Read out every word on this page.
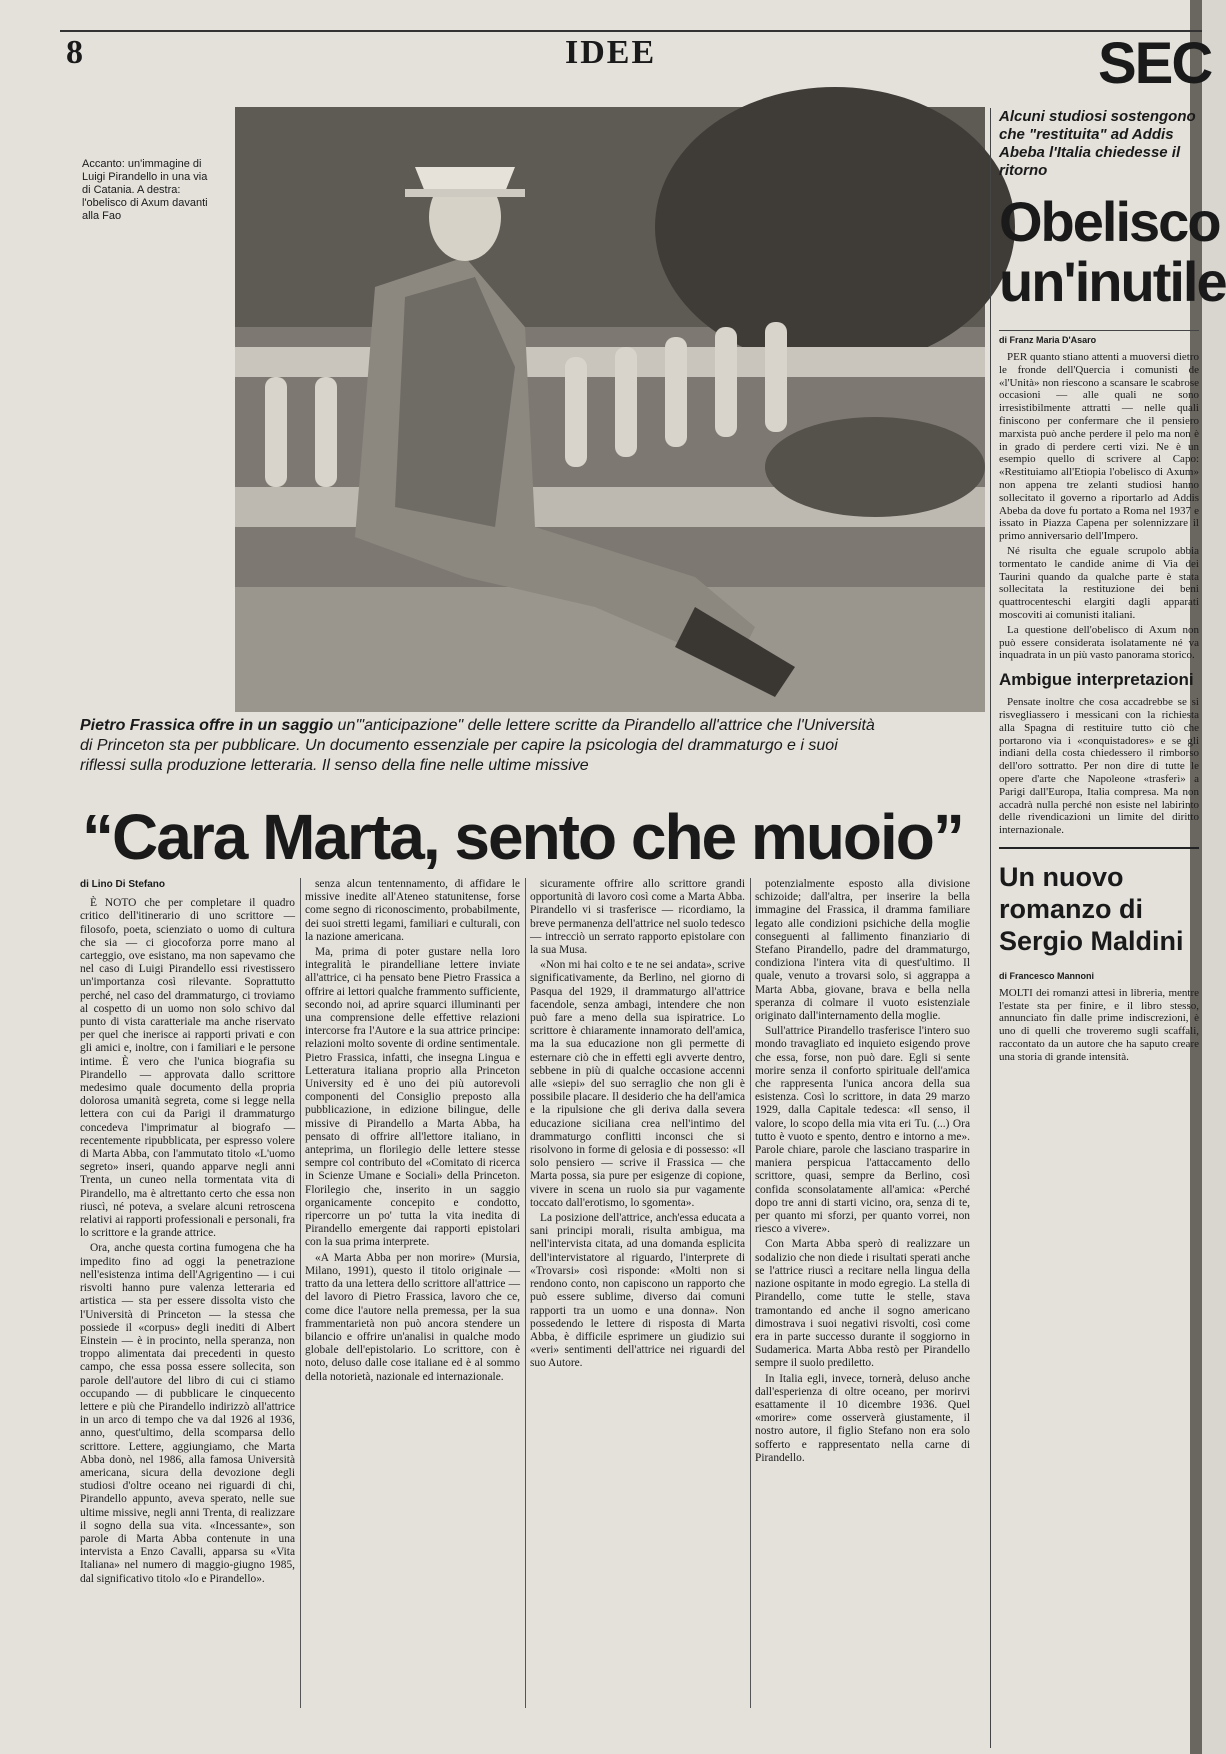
8	IDEE	SEC
Accanto: un'immagine di Luigi Pirandello in una via di Catania. A destra: l'obelisco di Axum davanti alla Fao
Pietro Frassica offre in un saggio un'"anticipazione" delle lettere scritte da Pirandello all'attrice che l'Università di Princeton sta per pubblicare. Un documento essenziale per capire la psicologia del drammaturgo e i suoi riflessi sulla produzione letteraria. Il senso della fine nelle ultime missive
“Cara Marta, sento che muoio”
di Lino Di Stefano

È NOTO che per completare il quadro critico dell'itinerario di uno scrittore — filosofo, poeta, scienziato o uomo di cultura che sia — ci giocoforza porre mano al carteggio, ove esistano, ma non sapevamo che nel caso di Luigi Pirandello essi rivestissero un'importanza così rilevante. Soprattutto perché, nel caso del drammaturgo, ci troviamo al cospetto di un uomo non solo schivo dal punto di vista caratteriale ma anche riservato per quel che inerisce ai rapporti privati e con gli amici e, inoltre, con i familiari e le persone intime. È vero che l'unica biografia su Pirandello — approvata dallo scrittore medesimo quale documento della propria dolorosa umanità segreta, come si legge nella lettera con cui da Parigi il drammaturgo concedeva l'imprimatur al biografo — recentemente ripubblicata, per espresso volere di Marta Abba, con l'ammutato titolo «L'uomo segreto» inseri, quando apparve negli anni Trenta, un cuneo nella tormentata vita di Pirandello, ma è altrettanto certo che essa non riuscì, né poteva, a svelare alcuni retroscena relativi ai rapporti professionali e personali, fra lo scrittore e la grande attrice.

Ora, anche questa cortina fumogena che ha impedito fino ad oggi la penetrazione nell'esistenza intima dell'Agrigentino — i cui risvolti hanno pure valenza letteraria ed artistica — sta per essere dissolta visto che l'Università di Princeton — la stessa che possiede il «corpus» degli inediti di Albert Einstein — è in procinto, nella speranza, non troppo alimentata dai precedenti in questo campo, che essa possa essere sollecita, son parole dell'autore del libro di cui ci stiamo occupando — di pubblicare le cinquecento lettere e più che Pirandello indirizzò all'attrice in un arco di tempo che va dal 1926 al 1936, anno, quest'ultimo, della scomparsa dello scrittore. Lettere, aggiungiamo, che Marta Abba donò, nel 1986, alla famosa Università americana, sicura della devozione degli studiosi d'oltre oceano nei riguardi di chi, Pirandello appunto, aveva sperato, nelle sue ultime missive, negli anni Trenta, di realizzare il sogno della sua vita. «Incessante», son parole di Marta Abba contenute in una intervista a Enzo Cavalli, apparsa su «Vita Italiana» nel numero di maggio-giugno 1985, dal significativo titolo «Io e Pirandello».

senza alcun tentennamento, di affidare le missive inedite all'Ateneo statunitense, forse come segno di riconoscimento, probabilmente, dei suoi stretti legami, familiari e culturali, con la nazione americana.

Ma, prima di poter gustare nella loro integralità le pirandelliane lettere inviate all'attrice, ci ha pensato bene Pietro Frassica a offrire ai lettori qualche frammento sufficiente, secondo noi, ad aprire squarci illuminanti per una comprensione delle effettive relazioni intercorse fra l'Autore e la sua attrice principe: relazioni molto sovente di ordine sentimentale. Pietro Frassica, infatti, che insegna Lingua e Letteratura italiana proprio alla Princeton University ed è uno dei più autorevoli componenti del Consiglio preposto alla pubblicazione, in edizione bilingue, delle missive di Pirandello a Marta Abba, ha pensato di offrire all'lettore italiano, in anteprima, un florilegio delle lettere stesse sempre col contributo del «Comitato di ricerca in Scienze Umane e Sociali» della Princeton. Florilegio che, inserito in un saggio organicamente concepito e condotto, ripercorre un po' tutta la vita inedita di Pirandello emergente dai rapporti epistolari con la sua prima interprete.

«A Marta Abba per non morire» (Mursia, Milano, 1991), questo il titolo originale — tratto da una lettera dello scrittore all'attrice — del lavoro di Pietro Frassica, lavoro che ce, come dice l'autore nella premessa, per la sua frammentarietà non può ancora stendere un bilancio e offrire un'analisi in qualche modo globale dell'epistolario. Lo scrittore, con è noto, deluso dalle cose italiane ed è al sommo della notorietà, nazionale ed internazionale.

sicuramente offrire allo scrittore grandi opportunità di lavoro così come a Marta Abba. Pirandello vi si trasferisce — ricordiamo, la breve permanenza dell'attrice nel suolo tedesco — intrecciò un serrato rapporto epistolare con la sua Musa.

«Non mi hai colto e te ne sei andata», scrive significativamente, da Berlino, nel giorno di Pasqua del 1929, il drammaturgo all'attrice facendole, senza ambagi, intendere che non può fare a meno della sua ispiratrice. Lo scrittore è chiaramente innamorato dell'amica, ma la sua educazione non gli permette di esternare ciò che in effetti egli avverte dentro, sebbene in più di qualche occasione accenni alle «siepi» del suo serraglio che non gli è possibile placare. Il desiderio che ha dell'amica e la ripulsione che gli deriva dalla severa educazione siciliana crea nell'intimo del drammaturgo conflitti inconsci che si risolvono in forme di gelosia e di possesso: «Il solo pensiero — scrive il Frassica — che Marta possa, sia pure per esigenze di copione, vivere in scena un ruolo sia pur vagamente toccato dall'erotismo, lo sgomenta».

La posizione dell'attrice, anch'essa educata a sani principi morali, risulta ambigua, ma nell'intervista citata, ad una domanda esplicita dell'intervistatore al riguardo, l'interprete di «Trovarsi» così risponde: «Molti non si rendono conto, non capiscono un rapporto che può essere sublime, diverso dai comuni rapporti tra un uomo e una donna». Non possedendo le lettere di risposta di Marta Abba, è difficile esprimere un giudizio sui «veri» sentimenti dell'attrice nei riguardi del suo Autore.

potenzialmente esposto alla divisione schizoide; dall'altra, per inserire la bella immagine del Frassica, il dramma familiare legato alle condizioni psichiche della moglie conseguenti al fallimento finanziario di Stefano Pirandello, padre del drammaturgo, condiziona l'intera vita di quest'ultimo. Il quale, venuto a trovarsi solo, si aggrappa a Marta Abba, giovane, brava e bella nella speranza di colmare il vuoto esistenziale originato dall'internamento della moglie.

Sull'attrice Pirandello trasferisce l'intero suo mondo travagliato ed inquieto esigendo prove che essa, forse, non può dare. Egli si sente morire senza il conforto spirituale dell'amica che rappresenta l'unica ancora della sua esistenza. Così lo scrittore, in data 29 marzo 1929, dalla Capitale tedesca: «Il senso, il valore, lo scopo della mia vita eri Tu. (...) Ora tutto è vuoto e spento, dentro e intorno a me». Parole chiare, parole che lasciano trasparire in maniera perspicua l'attaccamento dello scrittore, quasi, sempre da Berlino, così confida sconsolatamente all'amica: «Perché dopo tre anni di starti vicino, ora, senza di te, per quanto mi sforzi, per quanto vorrei, non riesco a vivere».

Con Marta Abba sperò di realizzare un sodalizio che non diede i risultati sperati anche se l'attrice riuscì a recitare nella lingua della nazione ospitante in modo egregio. La stella di Pirandello, come tutte le stelle, stava tramontando ed anche il sogno americano dimostrava i suoi negativi risvolti, così come era in parte successo durante il soggiorno in Sudamerica. Marta Abba restò per Pirandello sempre il suolo prediletto.

In Italia egli, invece, tornerà, deluso anche dall'esperienza di oltre oceano, per morirvi esattamente il 10 dicembre 1936. Quel «morire» come osserverà giustamente, il nostro autore, il figlio Stefano non era solo sofferto e rappresentato nella carne di Pirandello.

Alcuni studiosi sostengono che "restituita" ad Addis Abeba l'Italia chiedesse il ritorno
Obelisco
un'inutile
di Franz Maria D'Asaro

PER quanto stiano attenti a muoversi dietro le fronde dell'Quercia i comunisti de «l'Unità» non riescono a scansare le scabrose occasioni — alle quali ne sono irresistibilmente attratti — nelle quali finiscono per confermare che il pensiero marxista può anche perdere il pelo ma non è in grado di perdere certi vizi. Ne è un esempio quello di scrivere al Capo: «Restituiamo all'Etiopia l'obelisco di Axum» non appena tre zelanti studiosi hanno sollecitato il governo a riportarlo ad Addis Abeba da dove fu portato a Roma nel 1937 e issato in Piazza Capena per solennizzare il primo anniversario dell'Impero.

Né risulta che eguale scrupolo abbia tormentato le candide anime di Via dei Taurini quando da qualche parte è stata sollecitata la restituzione dei beni quattrocenteschi elargiti dagli apparati moscoviti ai comunisti italiani.

La questione dell'obelisco di Axum non può essere considerata isolatamente né va inquadrata in un più vasto panorama storico.

Ambigue interpretazioni

Pensate inoltre che cosa accadrebbe se si risvegliassero i messicani con la richiesta alla Spagna di restituire tutto ciò che portarono via i «conquistadores» e se gli indiani della costa chiedessero il rimborso dell'oro sottratto. Per non dire di tutte le opere d'arte che Napoleone «trasferì» a Parigi dall'Europa, Italia compresa. Ma non accadrà nulla perché non esiste nel labirinto delle rivendicazioni un limite del diritto internazionale.

Un nuovo romanzo di Sergio Maldini
di Francesco Mannoni
MOLTI dei romanzi attesi in libreria, mentre l'estate sta per finire, e il libro stesso, annunciato fin dalle prime indiscrezioni, è uno di quelli che troveremo sugli scaffali, raccontato da un autore che ha saputo creare una storia di grande intensità.
